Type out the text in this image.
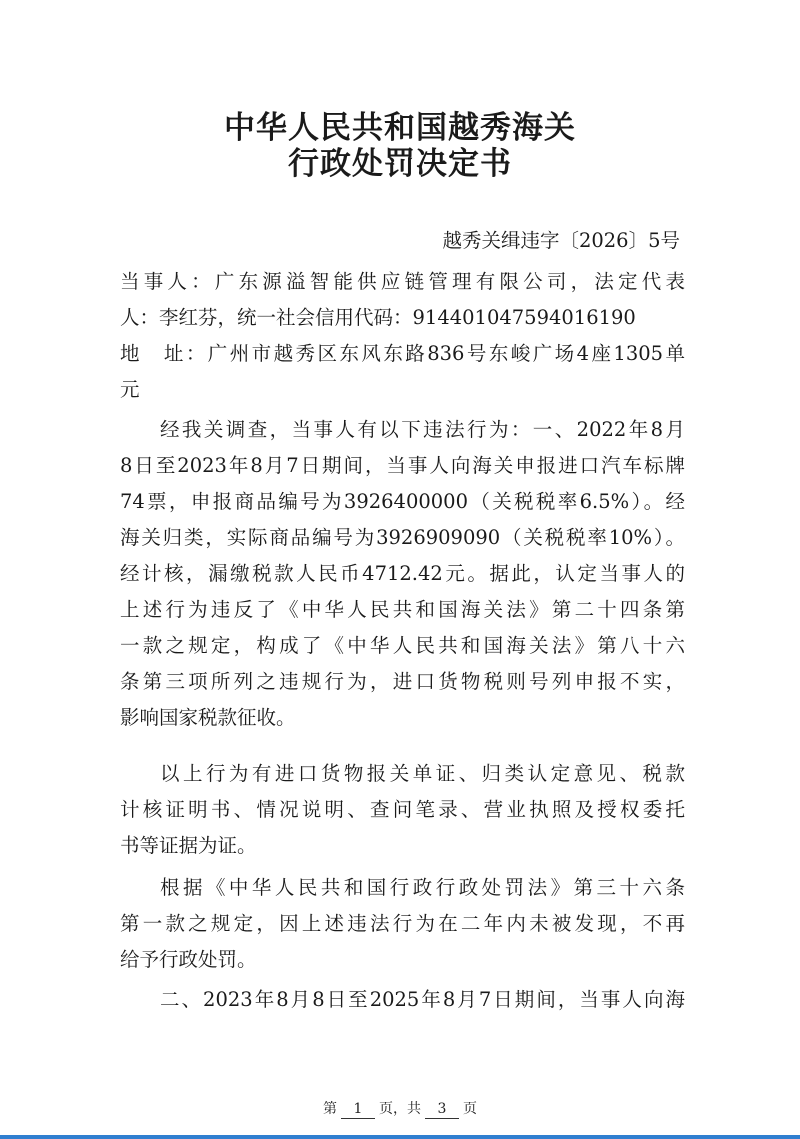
中华人民共和国越秀海关
行政处罚决定书
越秀关缉违字〔2026〕5号
当事人：广东源溢智能供应链管理有限公司，法定代表
人：李红芬，统一社会信用代码：914401047594016190
地　址：广州市越秀区东风东路836号东峻广场4座1305单
元
经我关调查，当事人有以下违法行为：一、2022年8月
8日至2023年8月7日期间，当事人向海关申报进口汽车标牌
74票，申报商品编号为3926400000（关税税率6.5%）。经
海关归类，实际商品编号为3926909090（关税税率10%）。
经计核，漏缴税款人民币4712.42元。据此，认定当事人的
上述行为违反了《中华人民共和国海关法》第二十四条第
一款之规定，构成了《中华人民共和国海关法》第八十六
条第三项所列之违规行为，进口货物税则号列申报不实，
影响国家税款征收。
以上行为有进口货物报关单证、归类认定意见、税款
计核证明书、情况说明、查问笔录、营业执照及授权委托
书等证据为证。
根据《中华人民共和国行政行政处罚法》第三十六条
第一款之规定，因上述违法行为在二年内未被发现，不再
给予行政处罚。
二、2023年8月8日至2025年8月7日期间，当事人向海
第 1 页，共 3 页
